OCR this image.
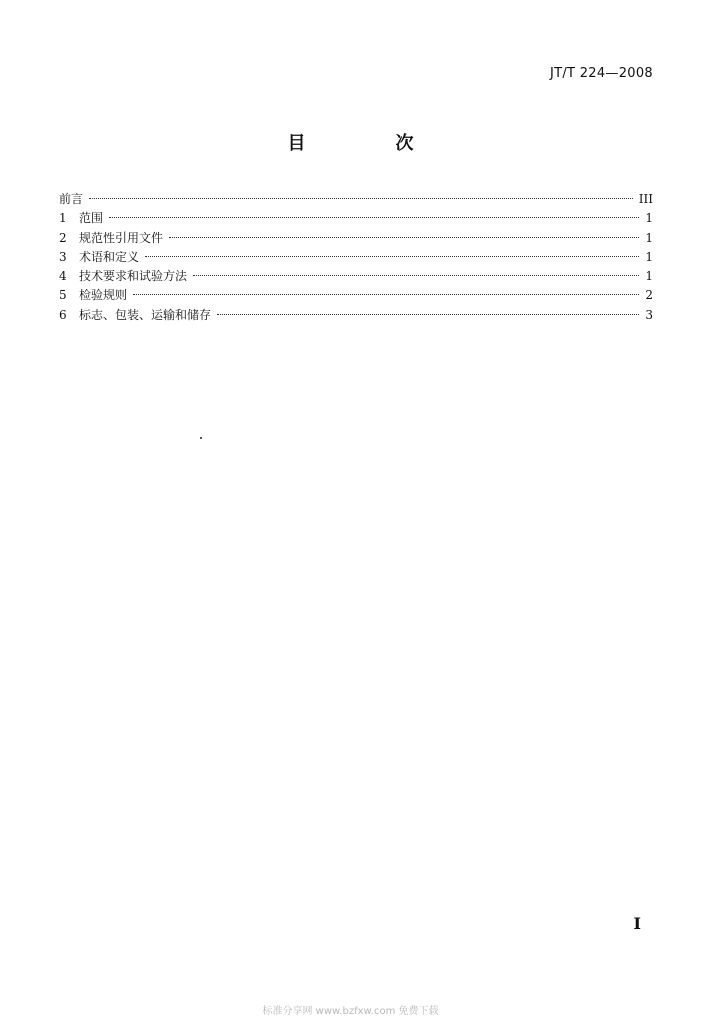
JT/T 224—2008
目　次
前言	III
1	范围	1
2	规范性引用文件	1
3	术语和定义	1
4	技术要求和试验方法	1
5	检验规则	2
6	标志、包装、运输和储存	3
I
标准分享网 www.bzfxw.com 免费下载
